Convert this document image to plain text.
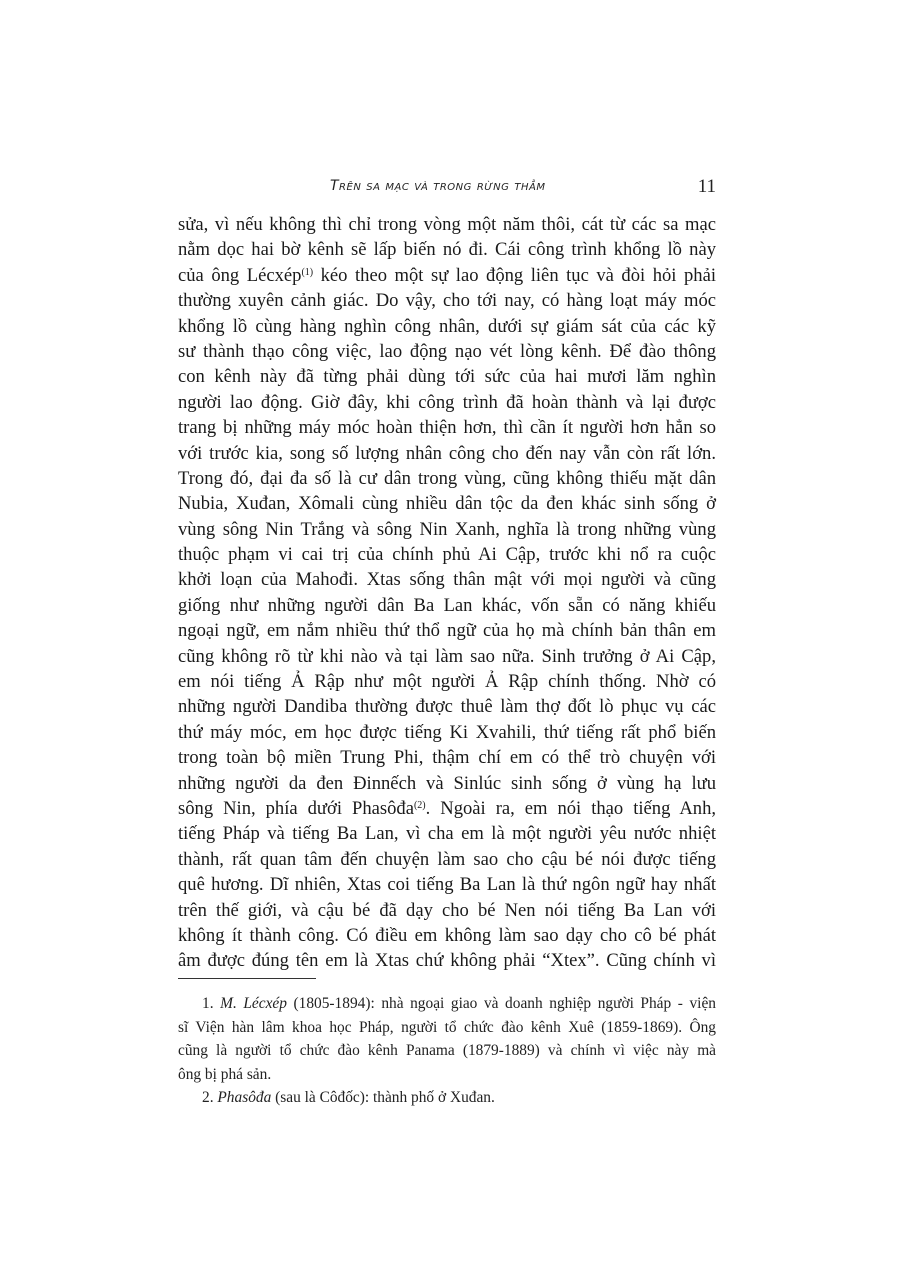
Trên sa mạc và trong rừng thẳm	11
sửa, vì nếu không thì chỉ trong vòng một năm thôi, cát từ các sa mạc
nằm dọc hai bờ kênh sẽ lấp biến nó đi. Cái công trình khổng lồ này
của ông Lécxép$^{(1)}$ kéo theo một sự lao động liên tục và đòi hỏi phải
thường xuyên cảnh giác. Do vậy, cho tới nay, có hàng loạt máy móc
khổng lồ cùng hàng nghìn công nhân, dưới sự giám sát của các kỹ
sư thành thạo công việc, lao động nạo vét lòng kênh. Để đào thông
con kênh này đã từng phải dùng tới sức của hai mươi lăm nghìn
người lao động. Giờ đây, khi công trình đã hoàn thành và lại được
trang bị những máy móc hoàn thiện hơn, thì cần ít người hơn hẳn so
với trước kia, song số lượng nhân công cho đến nay vẫn còn rất lớn.
Trong đó, đại đa số là cư dân trong vùng, cũng không thiếu mặt dân
Nubia, Xuđan, Xômali cùng nhiều dân tộc da đen khác sinh sống ở
vùng sông Nin Trắng và sông Nin Xanh, nghĩa là trong những vùng
thuộc phạm vi cai trị của chính phủ Ai Cập, trước khi nổ ra cuộc
khởi loạn của Mahođi. Xtas sống thân mật với mọi người và cũng
giống như những người dân Ba Lan khác, vốn sẵn có năng khiếu
ngoại ngữ, em nắm nhiều thứ thổ ngữ của họ mà chính bản thân em
cũng không rõ từ khi nào và tại làm sao nữa. Sinh trưởng ở Ai Cập,
em nói tiếng Ả Rập như một người Ả Rập chính thống. Nhờ có
những người Dandiba thường được thuê làm thợ đốt lò phục vụ các
thứ máy móc, em học được tiếng Ki Xvahili, thứ tiếng rất phổ biến
trong toàn bộ miền Trung Phi, thậm chí em có thể trò chuyện với
những người da đen Đinnếch và Sinlúc sinh sống ở vùng hạ lưu
sông Nin, phía dưới Phasôđa$^{(2)}$. Ngoài ra, em nói thạo tiếng Anh,
tiếng Pháp và tiếng Ba Lan, vì cha em là một người yêu nước nhiệt
thành, rất quan tâm đến chuyện làm sao cho cậu bé nói được tiếng
quê hương. Dĩ nhiên, Xtas coi tiếng Ba Lan là thứ ngôn ngữ hay nhất
trên thế giới, và cậu bé đã dạy cho bé Nen nói tiếng Ba Lan với
không ít thành công. Có điều em không làm sao dạy cho cô bé phát
âm được đúng tên em là Xtas chứ không phải “Xtex”. Cũng chính vì
1. M. Lécxép (1805-1894): nhà ngoại giao và doanh nghiệp người Pháp - viện
sĩ Viện hàn lâm khoa học Pháp, người tổ chức đào kênh Xuê (1859-1869). Ông
cũng là người tổ chức đào kênh Panama (1879-1889) và chính vì việc này mà
ông bị phá sản.
2. Phasôđa (sau là Côđốc): thành phố ở Xuđan.
